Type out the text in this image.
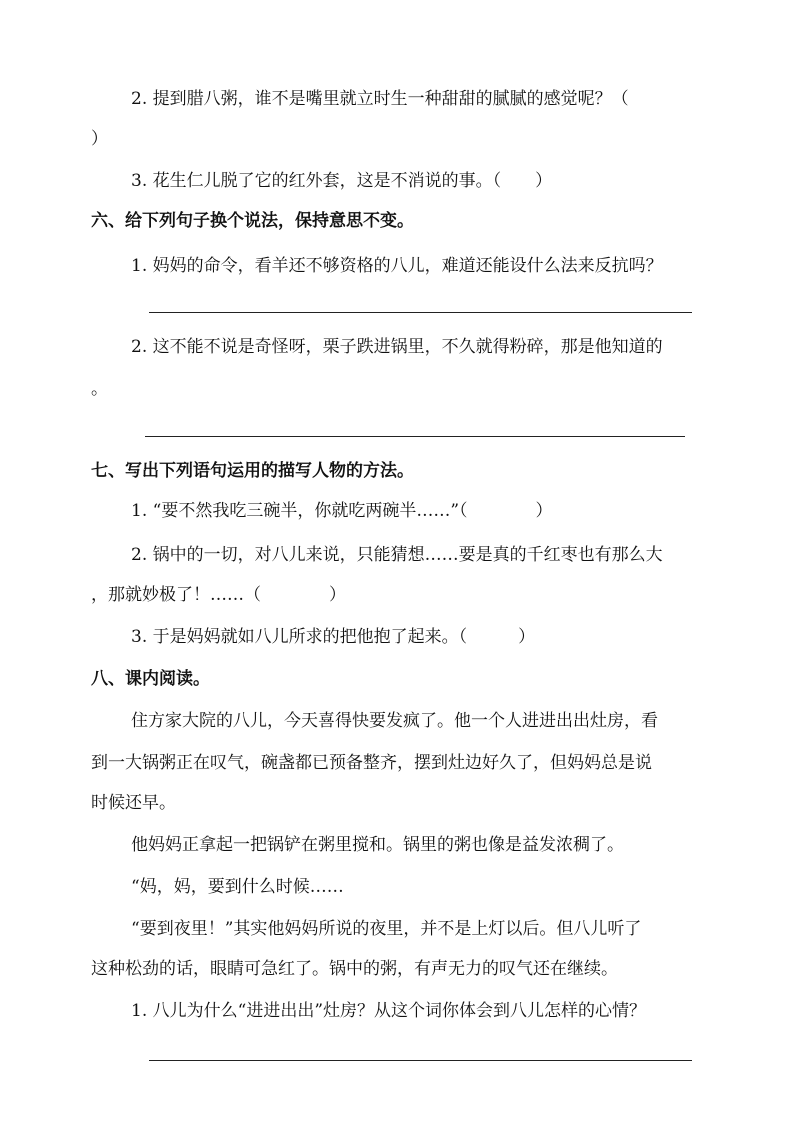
2. 提到腊八粥，谁不是嘴里就立时生一种甜甜的腻腻的感觉呢？（
）
3. 花生仁儿脱了它的红外套，这是不消说的事。（　　）
六、给下列句子换个说法，保持意思不变。
1. 妈妈的命令，看羊还不够资格的八儿，难道还能设什么法来反抗吗？
2. 这不能不说是奇怪呀，栗子跌进锅里，不久就得粉碎，那是他知道的
。
七、写出下列语句运用的描写人物的方法。
1. “要不然我吃三碗半，你就吃两碗半……”（　　　　）
2. 锅中的一切，对八儿来说，只能猜想……要是真的千红枣也有那么大
，那就妙极了！……（　　　　）
3. 于是妈妈就如八儿所求的把他抱了起来。（　　　）
八、课内阅读。
住方家大院的八儿，今天喜得快要发疯了。他一个人进进出出灶房，看
到一大锅粥正在叹气，碗盏都已预备整齐，摆到灶边好久了，但妈妈总是说
时候还早。
他妈妈正拿起一把锅铲在粥里搅和。锅里的粥也像是益发浓稠了。
“妈，妈，要到什么时候……
“要到夜里！”其实他妈妈所说的夜里，并不是上灯以后。但八儿听了
这种松劲的话，眼睛可急红了。锅中的粥，有声无力的叹气还在继续。
1. 八儿为什么“进进出出”灶房？从这个词你体会到八儿怎样的心情？
